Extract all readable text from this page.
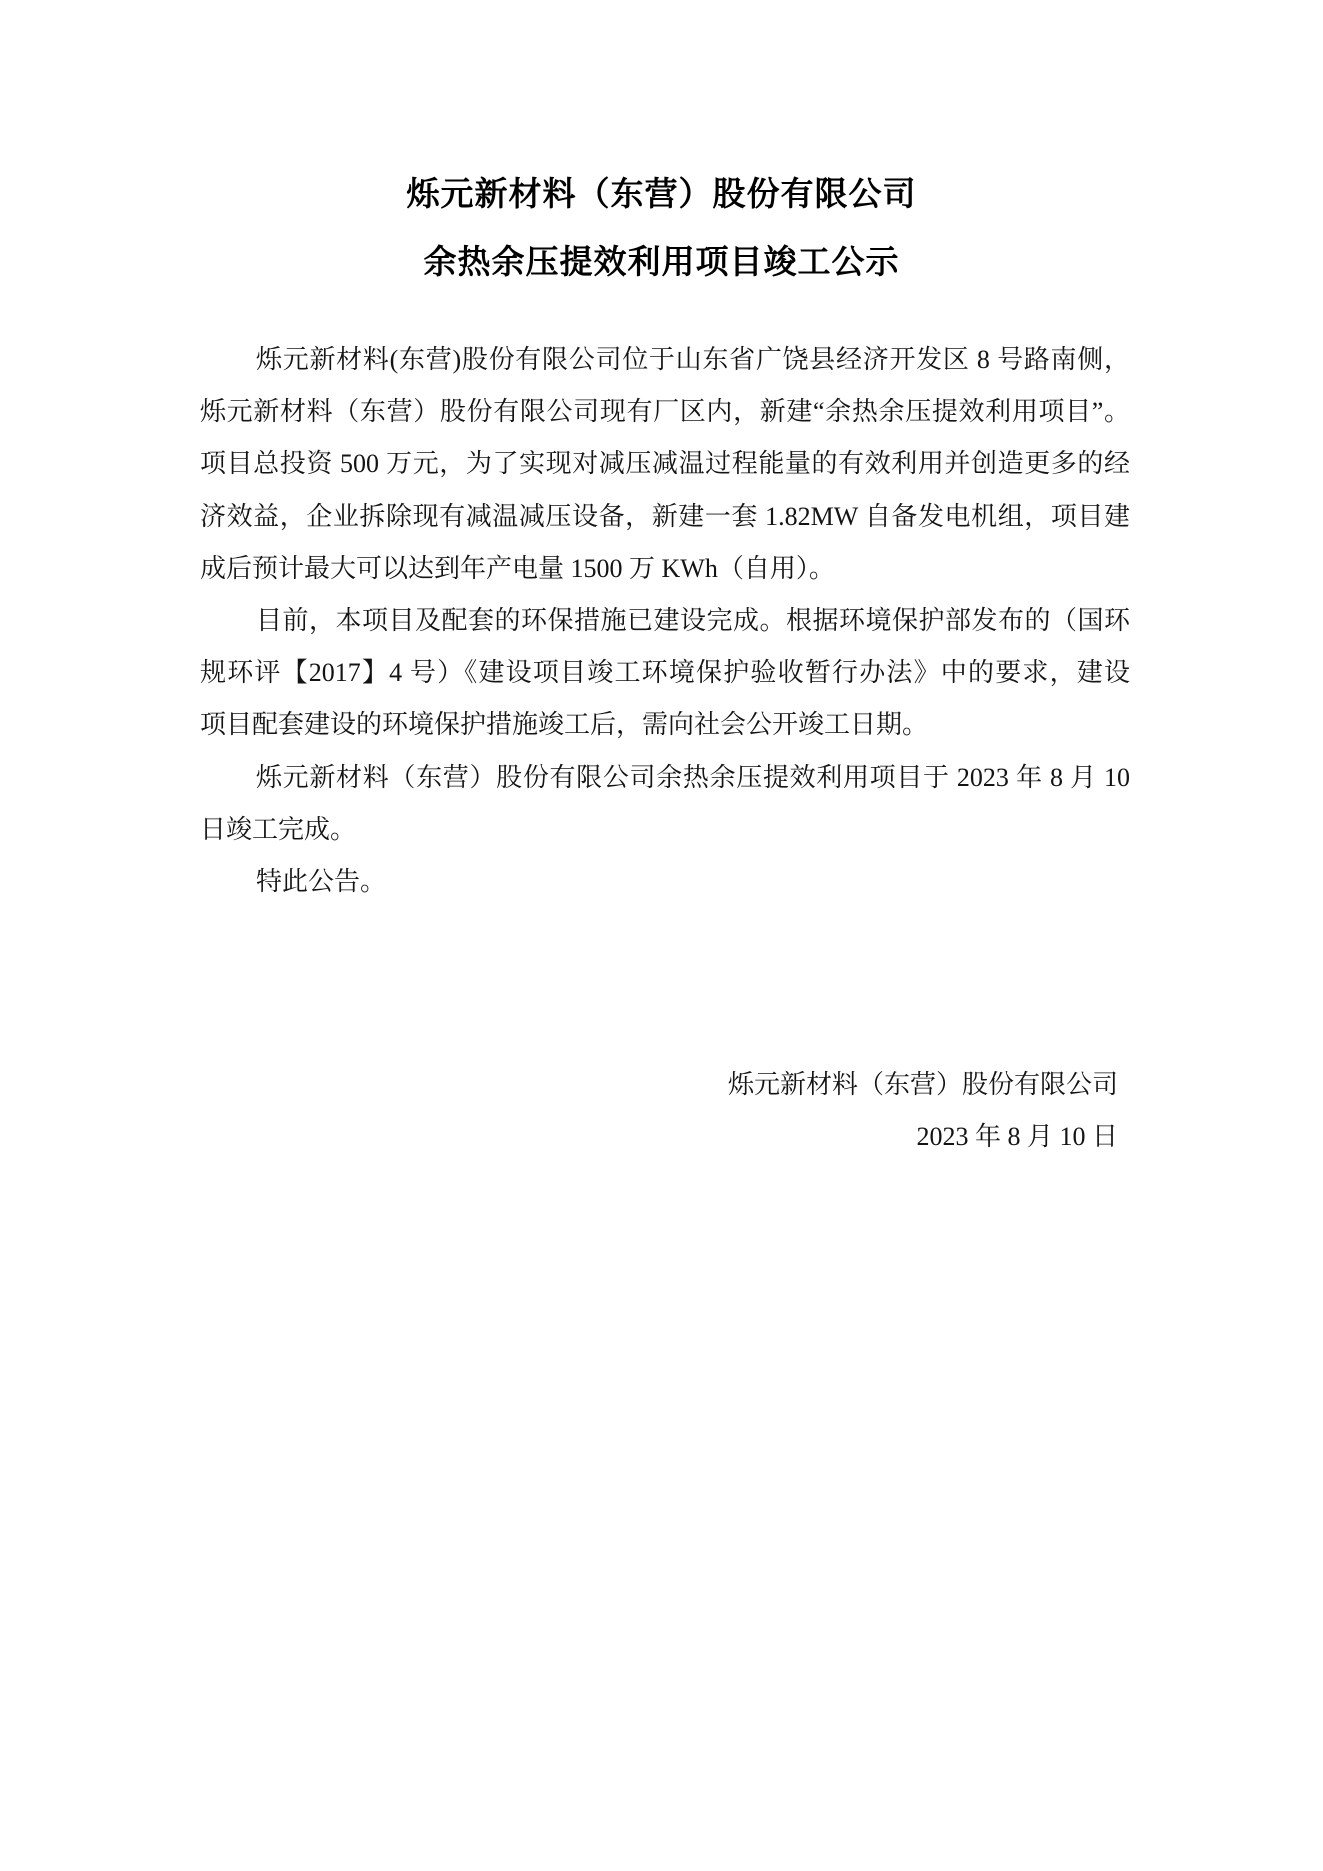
烁元新材料（东营）股份有限公司
余热余压提效利用项目竣工公示
烁元新材料(东营)股份有限公司位于山东省广饶县经济开发区 8 号路南侧，
烁元新材料（东营）股份有限公司现有厂区内，新建“余热余压提效利用项目”。
项目总投资 500 万元，为了实现对减压减温过程能量的有效利用并创造更多的经
济效益，企业拆除现有减温减压设备，新建一套 1.82MW 自备发电机组，项目建
成后预计最大可以达到年产电量 1500 万 KWh（自用）。
目前，本项目及配套的环保措施已建设完成。根据环境保护部发布的（国环
规环评【2017】4 号）《建设项目竣工环境保护验收暂行办法》中的要求，建设
项目配套建设的环境保护措施竣工后，需向社会公开竣工日期。
烁元新材料（东营）股份有限公司余热余压提效利用项目于 2023 年 8 月 10
日竣工完成。
特此公告。
烁元新材料（东营）股份有限公司
2023 年 8 月 10 日
